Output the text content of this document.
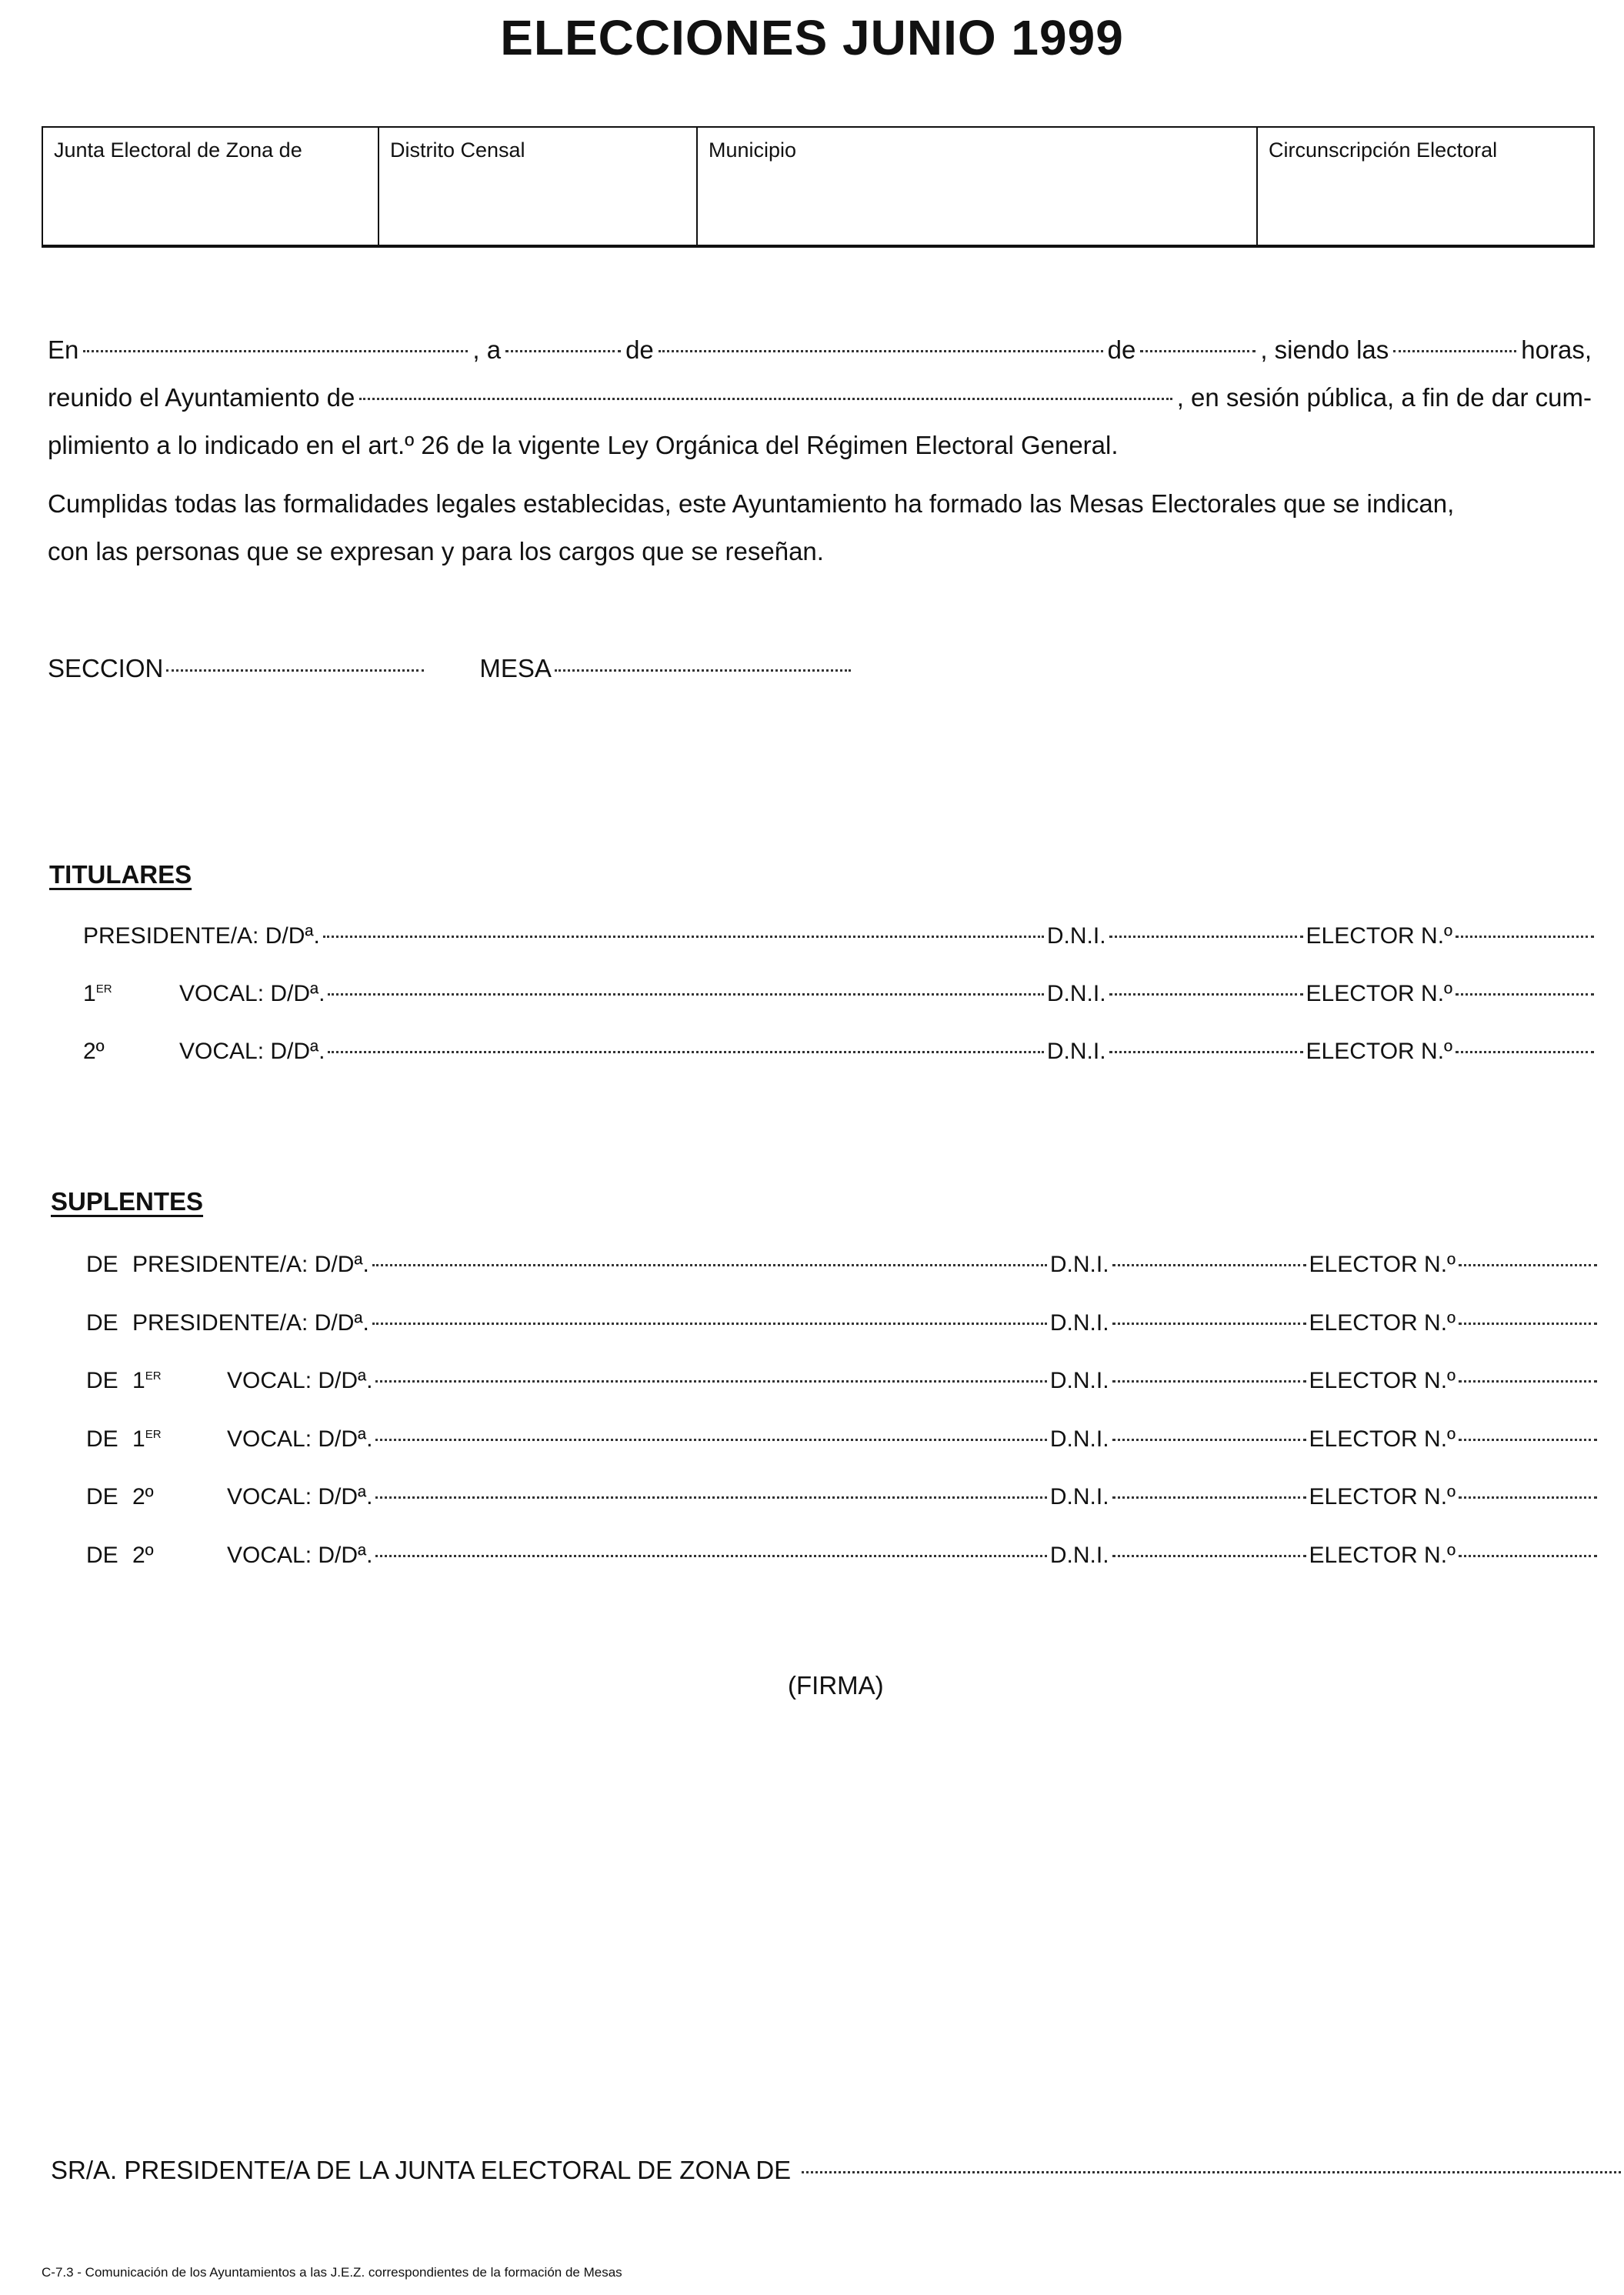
ELECCIONES JUNIO 1999
Junta Electoral de Zona de	Distrito Censal	Municipio	Circunscripción Electoral
En	, a	de	de	, siendo las	horas,
reunido el Ayuntamiento de	, en sesión pública, a fin de dar cum-
plimiento a lo indicado en el art.º 26 de la vigente Ley Orgánica del Régimen Electoral General.
Cumplidas todas las formalidades legales establecidas, este Ayuntamiento ha formado las Mesas Electorales que se indican,
con las personas que se expresan y para los cargos que se reseñan.
SECCION	MESA
TITULARES
PRESIDENTE/A: D/Dª.	D.N.I.	ELECTOR N.º
1ER	VOCAL: D/Dª.	D.N.I.	ELECTOR N.º
2º	VOCAL: D/Dª.	D.N.I.	ELECTOR N.º
SUPLENTES
DE PRESIDENTE/A: D/Dª.	D.N.I.	ELECTOR N.º
DE PRESIDENTE/A: D/Dª.	D.N.I.	ELECTOR N.º
DE 1ER	VOCAL: D/Dª.	D.N.I.	ELECTOR N.º
DE 1ER	VOCAL: D/Dª.	D.N.I.	ELECTOR N.º
DE 2º	VOCAL: D/Dª.	D.N.I.	ELECTOR N.º
DE 2º	VOCAL: D/Dª.	D.N.I.	ELECTOR N.º
(FIRMA)
SR/A. PRESIDENTE/A DE LA JUNTA ELECTORAL DE ZONA DE
C-7.3 - Comunicación de los Ayuntamientos a las J.E.Z. correspondientes de la formación de Mesas
